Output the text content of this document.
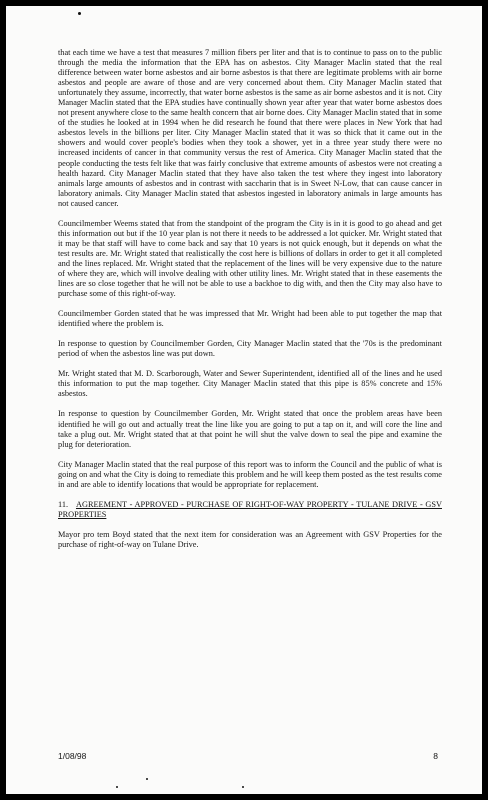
that each time we have a test that measures 7 million fibers per liter and that is to continue to pass on to the public through the media the information that the EPA has on asbestos. City Manager Maclin stated that the real difference between water borne asbestos and air borne asbestos is that there are legitimate problems with air borne asbestos and people are aware of those and are very concerned about them. City Manager Maclin stated that unfortunately they assume, incorrectly, that water borne asbestos is the same as air borne asbestos and it is not. City Manager Maclin stated that the EPA studies have continually shown year after year that water borne asbestos does not present anywhere close to the same health concern that air borne does. City Manager Maclin stated that in some of the studies he looked at in 1994 when he did research he found that there were places in New York that had asbestos levels in the billions per liter. City Manager Maclin stated that it was so thick that it came out in the showers and would cover people's bodies when they took a shower, yet in a three year study there were no increased incidents of cancer in that community versus the rest of America. City Manager Maclin stated that the people conducting the tests felt like that was fairly conclusive that extreme amounts of asbestos were not creating a health hazard. City Manager Maclin stated that they have also taken the test where they ingest into laboratory animals large amounts of asbestos and in contrast with saccharin that is in Sweet N-Low, that can cause cancer in laboratory animals. City Manager Maclin stated that asbestos ingested in laboratory animals in large amounts has not caused cancer.

Councilmember Weems stated that from the standpoint of the program the City is in it is good to go ahead and get this information out but if the 10 year plan is not there it needs to be addressed a lot quicker. Mr. Wright stated that it may be that staff will have to come back and say that 10 years is not quick enough, but it depends on what the test results are. Mr. Wright stated that realistically the cost here is billions of dollars in order to get it all completed and the lines replaced. Mr. Wright stated that the replacement of the lines will be very expensive due to the nature of where they are, which will involve dealing with other utility lines. Mr. Wright stated that in these easements the lines are so close together that he will not be able to use a backhoe to dig with, and then the City may also have to purchase some of this right-of-way.

Councilmember Gorden stated that he was impressed that Mr. Wright had been able to put together the map that identified where the problem is.

In response to question by Councilmember Gorden, City Manager Maclin stated that the '70s is the predominant period of when the asbestos line was put down.

Mr. Wright stated that M. D. Scarborough, Water and Sewer Superintendent, identified all of the lines and he used this information to put the map together. City Manager Maclin stated that this pipe is 85% concrete and 15% asbestos.

In response to question by Councilmember Gorden, Mr. Wright stated that once the problem areas have been identified he will go out and actually treat the line like you are going to put a tap on it, and will core the line and take a plug out. Mr. Wright stated that at that point he will shut the valve down to seal the pipe and examine the plug for deterioration.

City Manager Maclin stated that the real purpose of this report was to inform the Council and the public of what is going on and what the City is doing to remediate this problem and he will keep them posted as the test results come in and are able to identify locations that would be appropriate for replacement.

11. AGREEMENT - APPROVED - PURCHASE OF RIGHT-OF-WAY PROPERTY - TULANE DRIVE - GSV PROPERTIES

Mayor pro tem Boyd stated that the next item for consideration was an Agreement with GSV Properties for the purchase of right-of-way on Tulane Drive.

1/08/98	8
